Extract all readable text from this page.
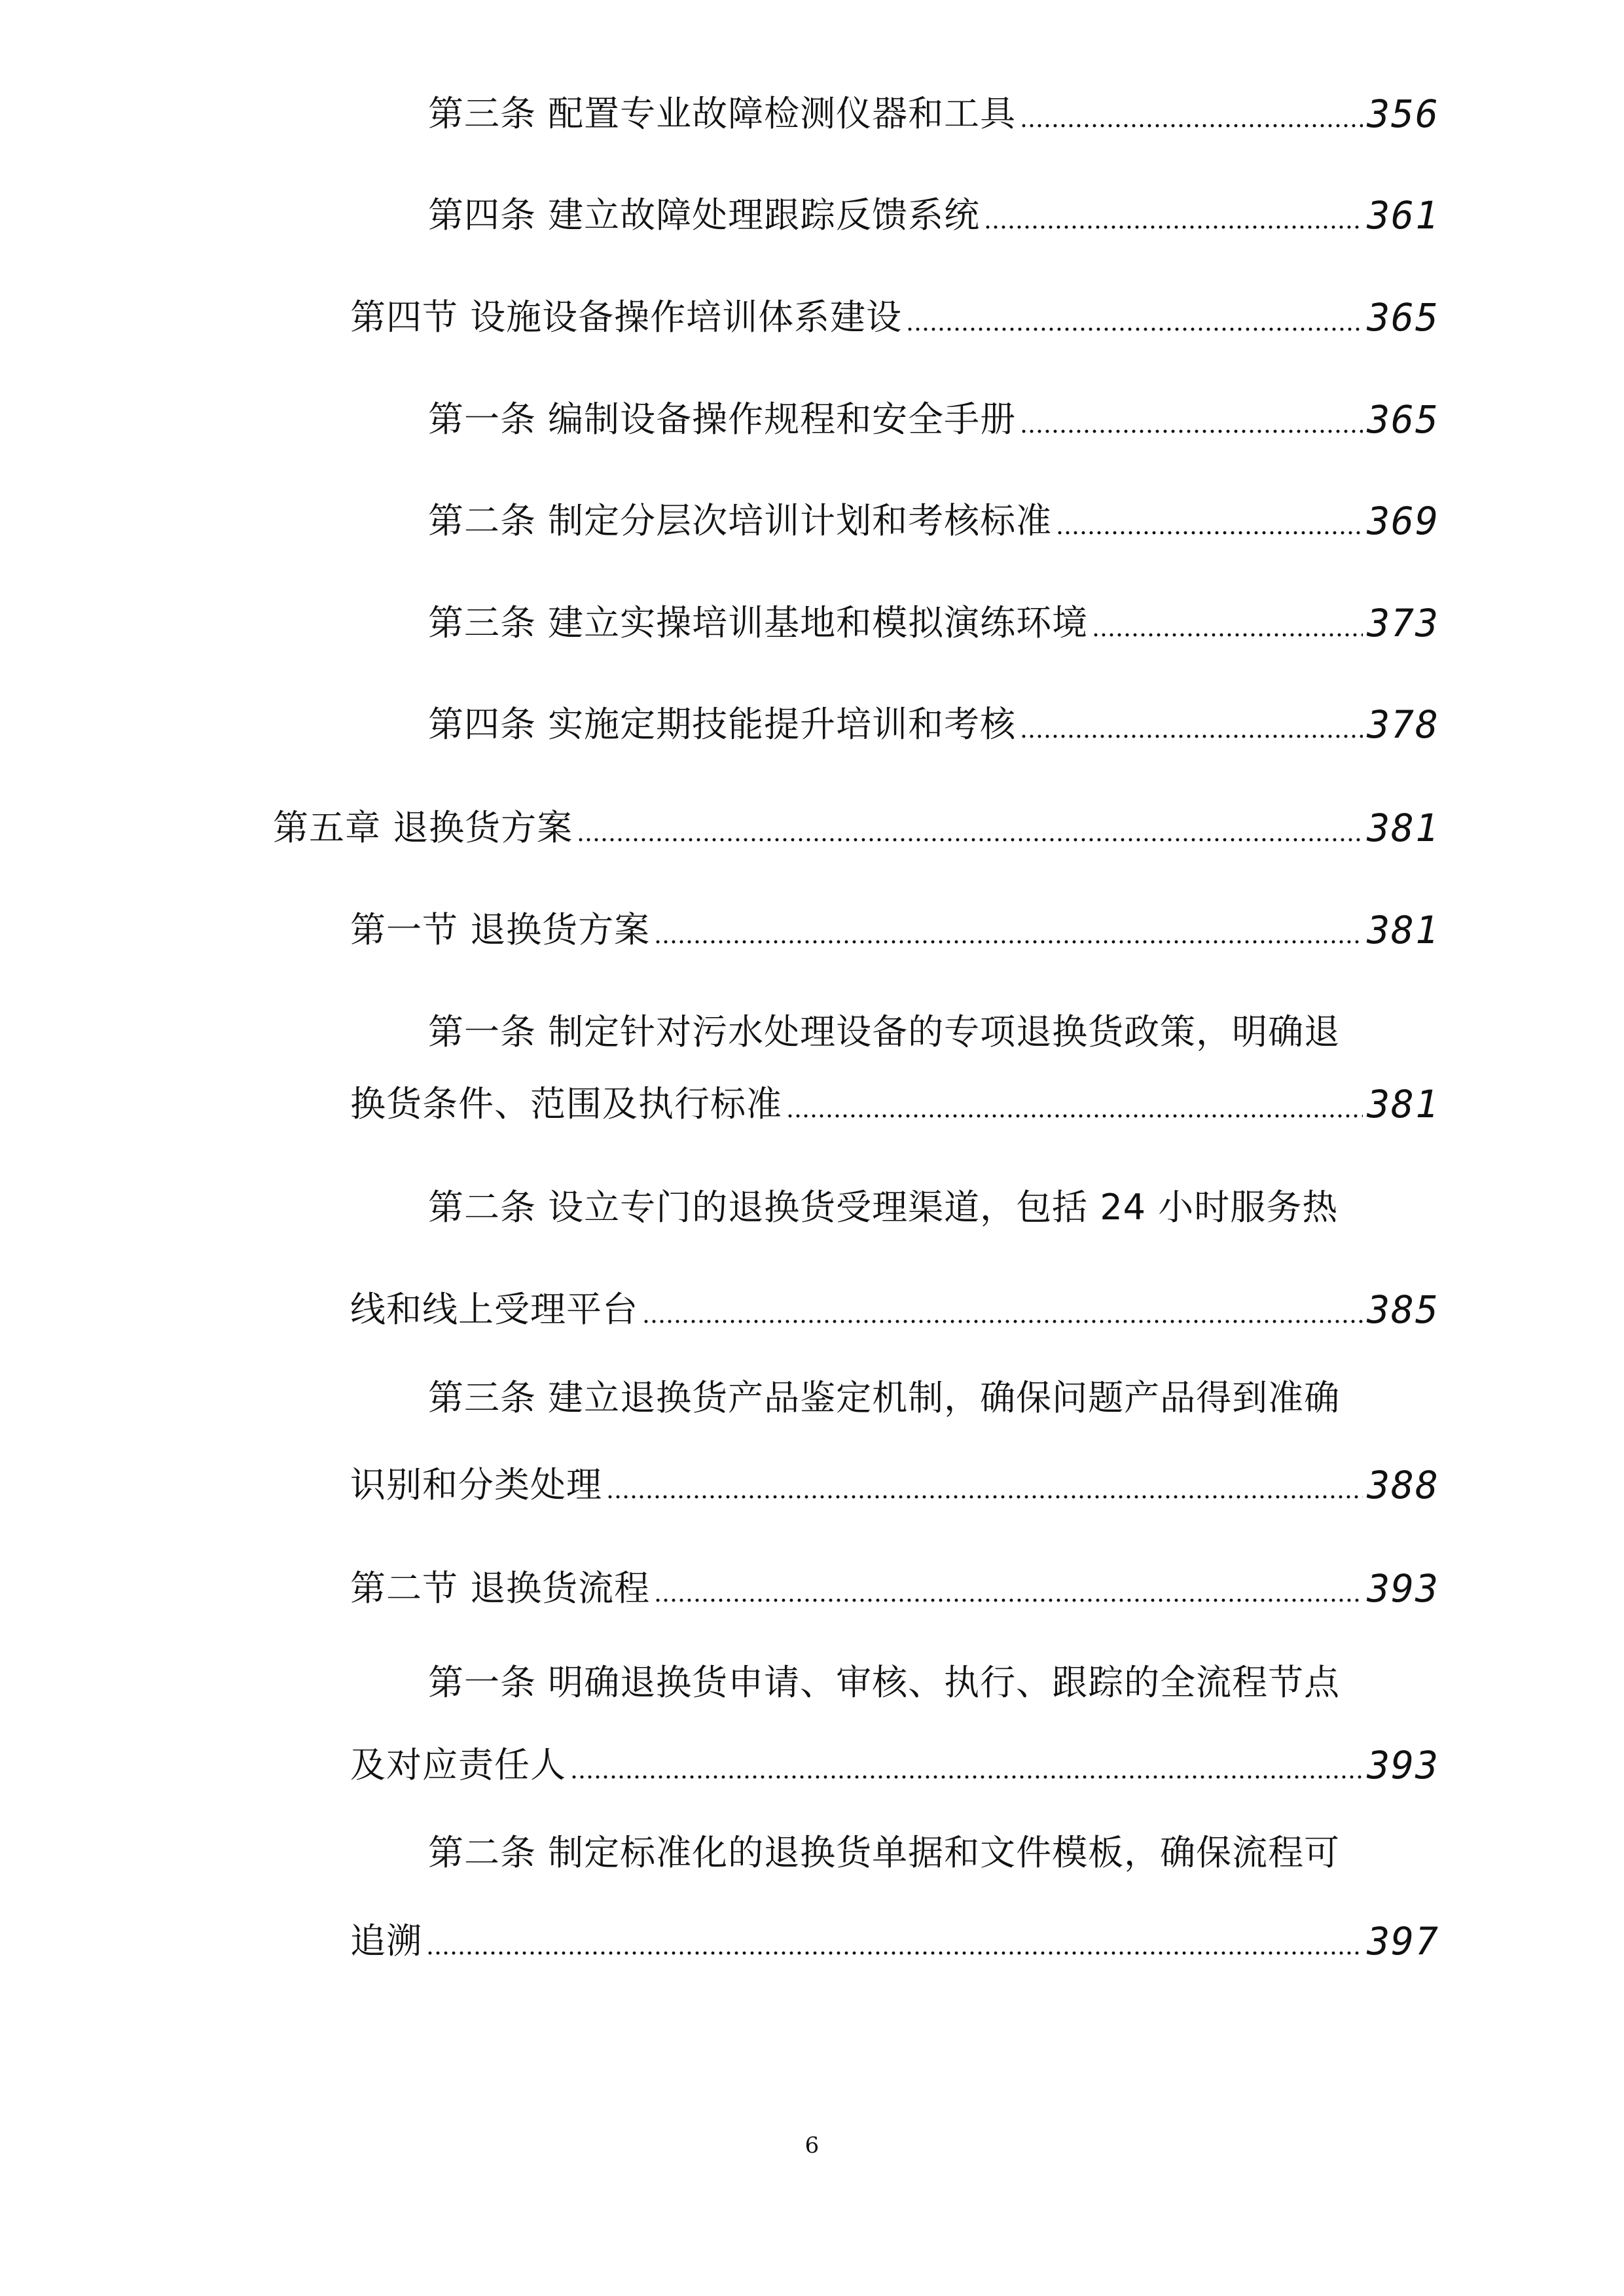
第三条 配置专业故障检测仪器和工具	356
第四条 建立故障处理跟踪反馈系统	361
第四节 设施设备操作培训体系建设	365
第一条 编制设备操作规程和安全手册	365
第二条 制定分层次培训计划和考核标准	369
第三条 建立实操培训基地和模拟演练环境	373
第四条 实施定期技能提升培训和考核	378
第五章 退换货方案	381
第一节 退换货方案	381
第一条 制定针对污水处理设备的专项退换货政策，明确退
换货条件、范围及执行标准	381
第二条 设立专门的退换货受理渠道，包括 24 小时服务热
线和线上受理平台	385
第三条 建立退换货产品鉴定机制，确保问题产品得到准确
识别和分类处理	388
第二节 退换货流程	393
第一条 明确退换货申请、审核、执行、跟踪的全流程节点
及对应责任人	393
第二条 制定标准化的退换货单据和文件模板，确保流程可
追溯	397
6
